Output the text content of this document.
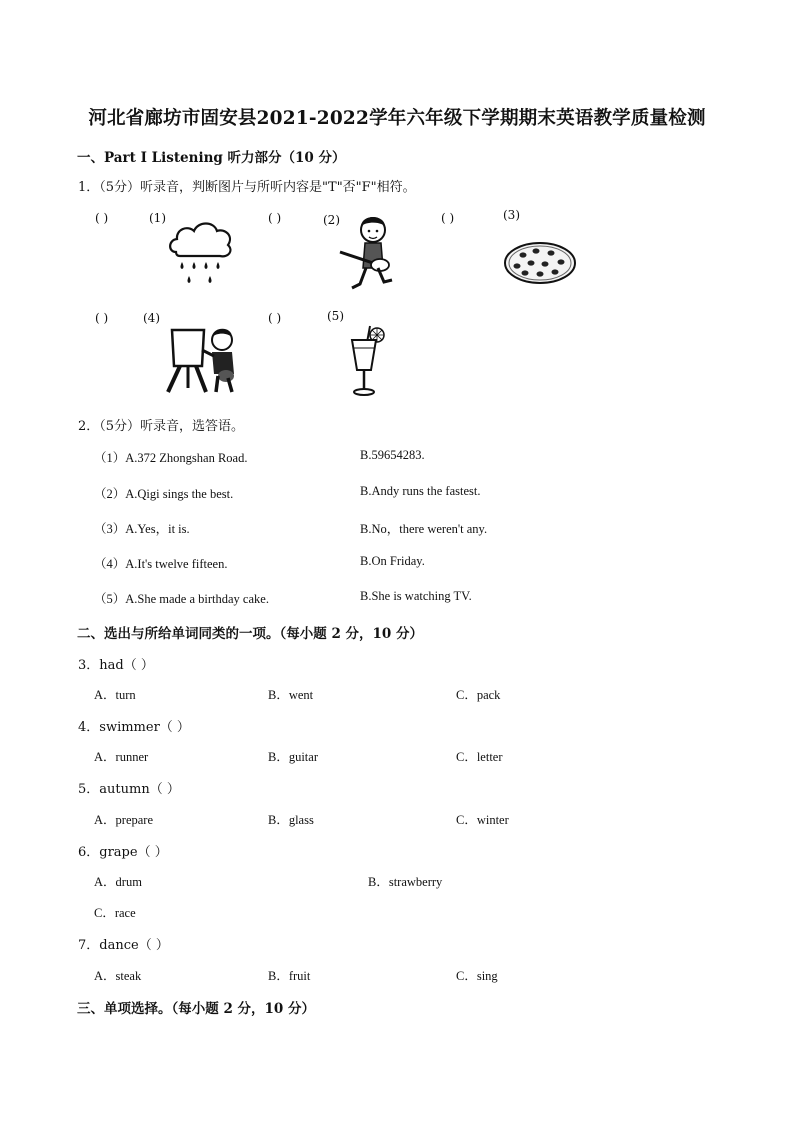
河北省廊坊市固安县2021-2022学年六年级下学期期末英语教学质量检测
一、Part I Listening 听力部分（10 分）
1．（5分）听录音，判断图片与所听内容是"T"否"F"相符。
( )	(1)	( )	(2)	( )	(3)
( )	(4)	( )	(5)
2．（5分）听录音，选答语。
（1）A.372 Zhongshan Road.	B.59654283.
（2）A.Qigi sings the best.	B.Andy runs the fastest.
（3）A.Yes，it is.	B.No，there weren't any.
（4）A.It's twelve fifteen.	B.On Friday.
（5）A.She made a birthday cake.	B.She is watching TV.
二、选出与所给单词同类的一项。（每小题 2 分，10 分）
3．had（ ）
A．turn	B．went	C．pack
4．swimmer（ ）
A．runner	B．guitar	C．letter
5．autumn（ ）
A．prepare	B．glass	C．winter
6．grape（ ）
A．drum	B．strawberry
C．race
7．dance（ ）
A．steak	B．fruit	C．sing
三、单项选择。（每小题 2 分，10 分）
